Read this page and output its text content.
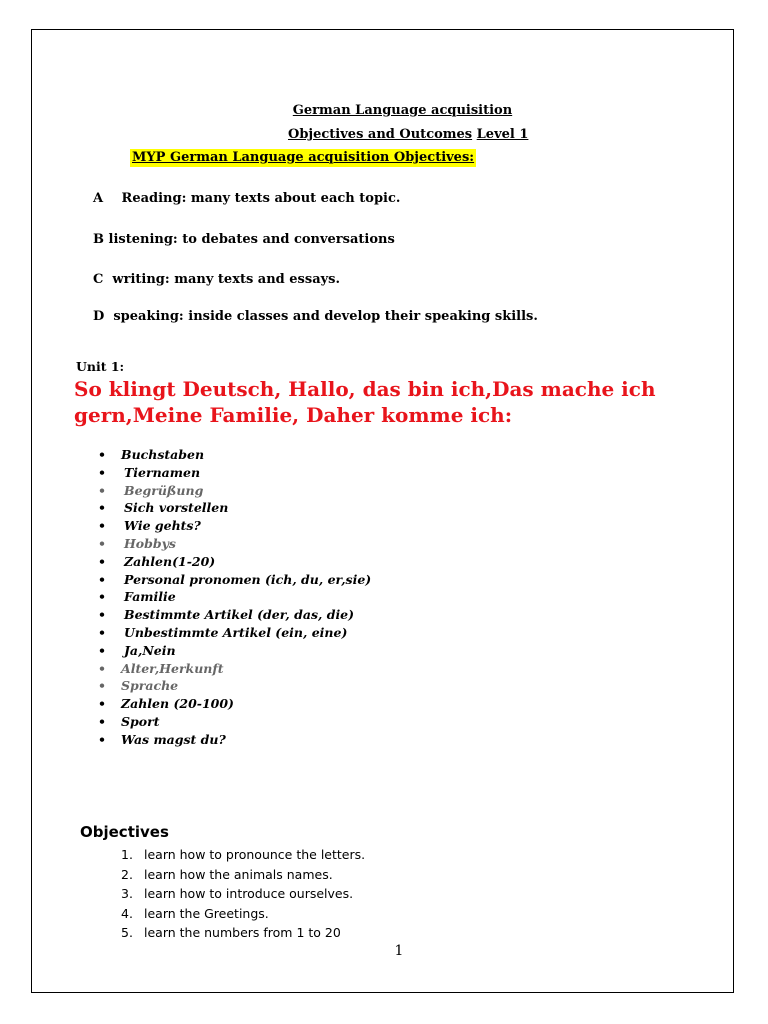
German Language acquisition
Objectives and Outcomes Level 1
MYP German Language acquisition Objectives:
A Reading: many texts about each topic.
B listening: to debates and conversations
C writing: many texts and essays.
D speaking: inside classes and develop their speaking skills.
Unit 1:
So klingt Deutsch, Hallo, das bin ich,Das mache ich gern,Meine Familie, Daher komme ich:
• Buchstaben
• Tiernamen
• Begrüßung
• Sich vorstellen
• Wie gehts?
• Hobbys
• Zahlen(1-20)
• Personal pronomen (ich, du, er,sie)
• Familie
• Bestimmte Artikel (der, das, die)
• Unbestimmte Artikel (ein, eine)
• Ja,Nein
• Alter,Herkunft
• Sprache
• Zahlen (20-100)
• Sport
• Was magst du?
Objectives
1. learn how to pronounce the letters.
2. learn how the animals names.
3. learn how to introduce ourselves.
4. learn the Greetings.
5. learn the numbers from 1 to 20
1
